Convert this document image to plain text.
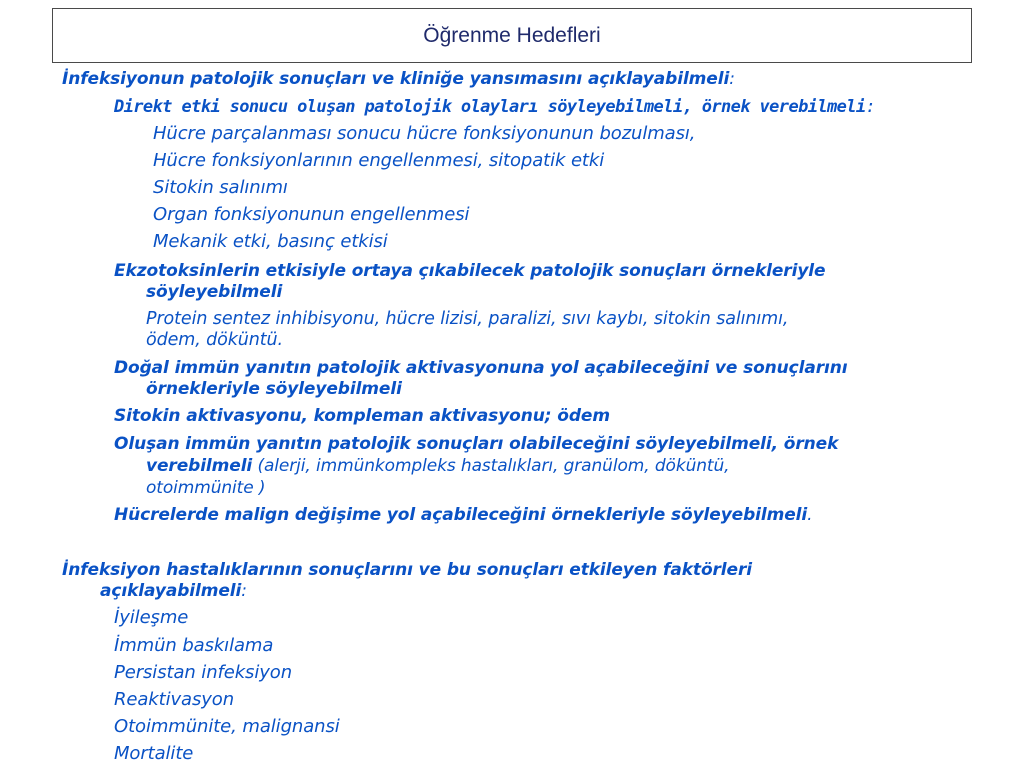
Öğrenme Hedefleri
İnfeksiyonun patolojik sonuçları ve kliniğe yansımasını açıklayabilmeli:
Direkt etki sonucu oluşan patolojik olayları söyleyebilmeli, örnek verebilmeli:
Hücre parçalanması sonucu hücre fonksiyonunun bozulması,
Hücre fonksiyonlarının engellenmesi, sitopatik etki
Sitokin salınımı
Organ fonksiyonunun engellenmesi
Mekanik etki, basınç etkisi
Ekzotoksinlerin etkisiyle ortaya çıkabilecek patolojik sonuçları örnekleriyle
söyleyebilmeli
Protein sentez inhibisyonu, hücre lizisi, paralizi, sıvı kaybı, sitokin salınımı,
ödem, döküntü.
Doğal immün yanıtın patolojik aktivasyonuna yol açabileceğini ve sonuçlarını
örnekleriyle söyleyebilmeli
Sitokin aktivasyonu, kompleman aktivasyonu; ödem
Oluşan immün yanıtın patolojik sonuçları olabileceğini söyleyebilmeli, örnek
verebilmeli (alerji, immünkompleks hastalıkları, granülom, döküntü,
otoimmünite )
Hücrelerde malign değişime yol açabileceğini örnekleriyle söyleyebilmeli.
İnfeksiyon hastalıklarının sonuçlarını ve bu sonuçları etkileyen faktörleri
açıklayabilmeli:
İyileşme
İmmün baskılama
Persistan infeksiyon
Reaktivasyon
Otoimmünite, malignansi
Mortalite
